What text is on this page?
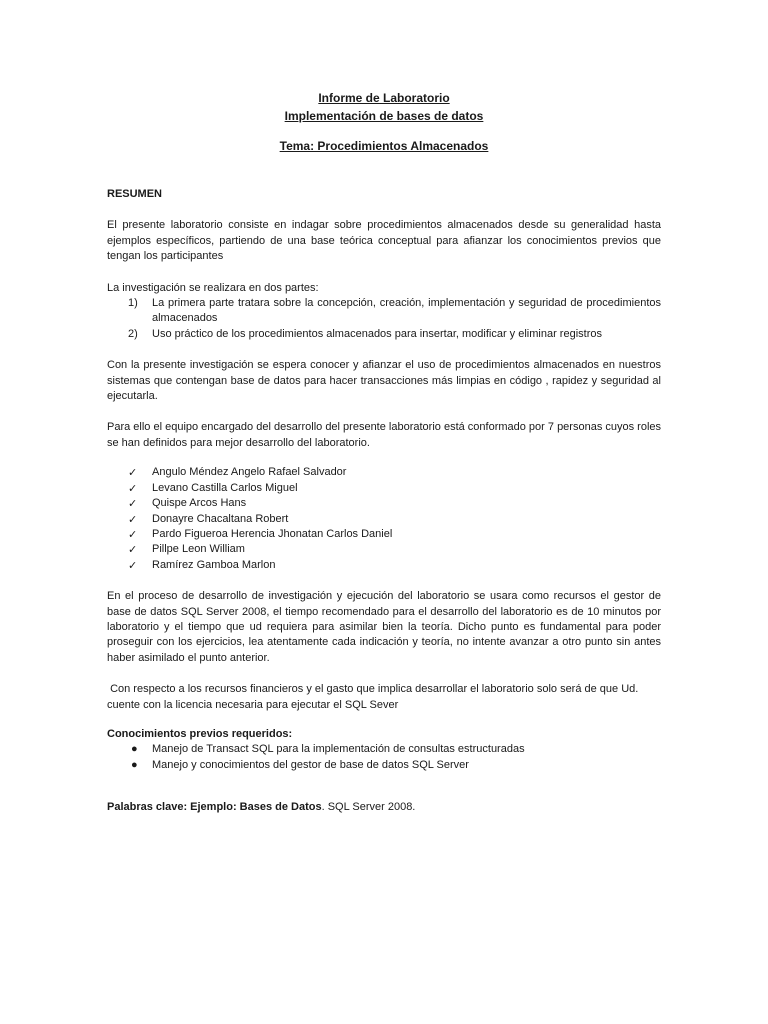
Informe de Laboratorio
Implementación de bases de datos
Tema: Procedimientos Almacenados
RESUMEN

El presente laboratorio consiste en indagar sobre procedimientos almacenados desde su generalidad hasta ejemplos específicos, partiendo de una base teórica conceptual para afianzar los conocimientos previos que tengan los participantes

La investigación se realizara en dos partes:

1)	La primera parte tratara sobre la concepción, creación, implementación y seguridad de procedimientos almacenados
2)	Uso práctico de los procedimientos almacenados para insertar, modificar y eliminar registros

Con la presente investigación se espera conocer y afianzar el uso de procedimientos almacenados en nuestros sistemas que contengan base de datos para hacer transacciones más limpias en código , rapidez y seguridad al ejecutarla.

Para ello el equipo encargado del desarrollo del presente laboratorio está conformado por 7 personas cuyos roles se han definidos para mejor desarrollo del laboratorio.

✓	Angulo Méndez Angelo Rafael Salvador
✓	Levano Castilla Carlos Miguel
✓	Quispe Arcos Hans
✓	Donayre Chacaltana Robert
✓	Pardo Figueroa Herencia Jhonatan Carlos Daniel
✓	Pillpe Leon William
✓	Ramírez Gamboa Marlon

En el proceso de desarrollo de investigación y ejecución del laboratorio se usara como recursos el gestor de base de datos SQL Server 2008, el tiempo recomendado para el desarrollo del laboratorio es de 10 minutos por laboratorio y el tiempo que ud requiera para asimilar bien la teoría. Dicho punto es fundamental para poder proseguir con los ejercicios, lea atentamente cada indicación y teoría, no intente avanzar a otro punto sin antes haber asimilado el punto anterior.

Con respecto a los recursos financieros y el gasto que implica desarrollar el laboratorio solo será de que Ud. cuente con la licencia necesaria para ejecutar el SQL Sever

Conocimientos previos requeridos:

●	Manejo de Transact SQL para la implementación de consultas estructuradas
●	Manejo y conocimientos del gestor de base de datos SQL Server

Palabras clave: Ejemplo: Bases de Datos. SQL Server 2008.
